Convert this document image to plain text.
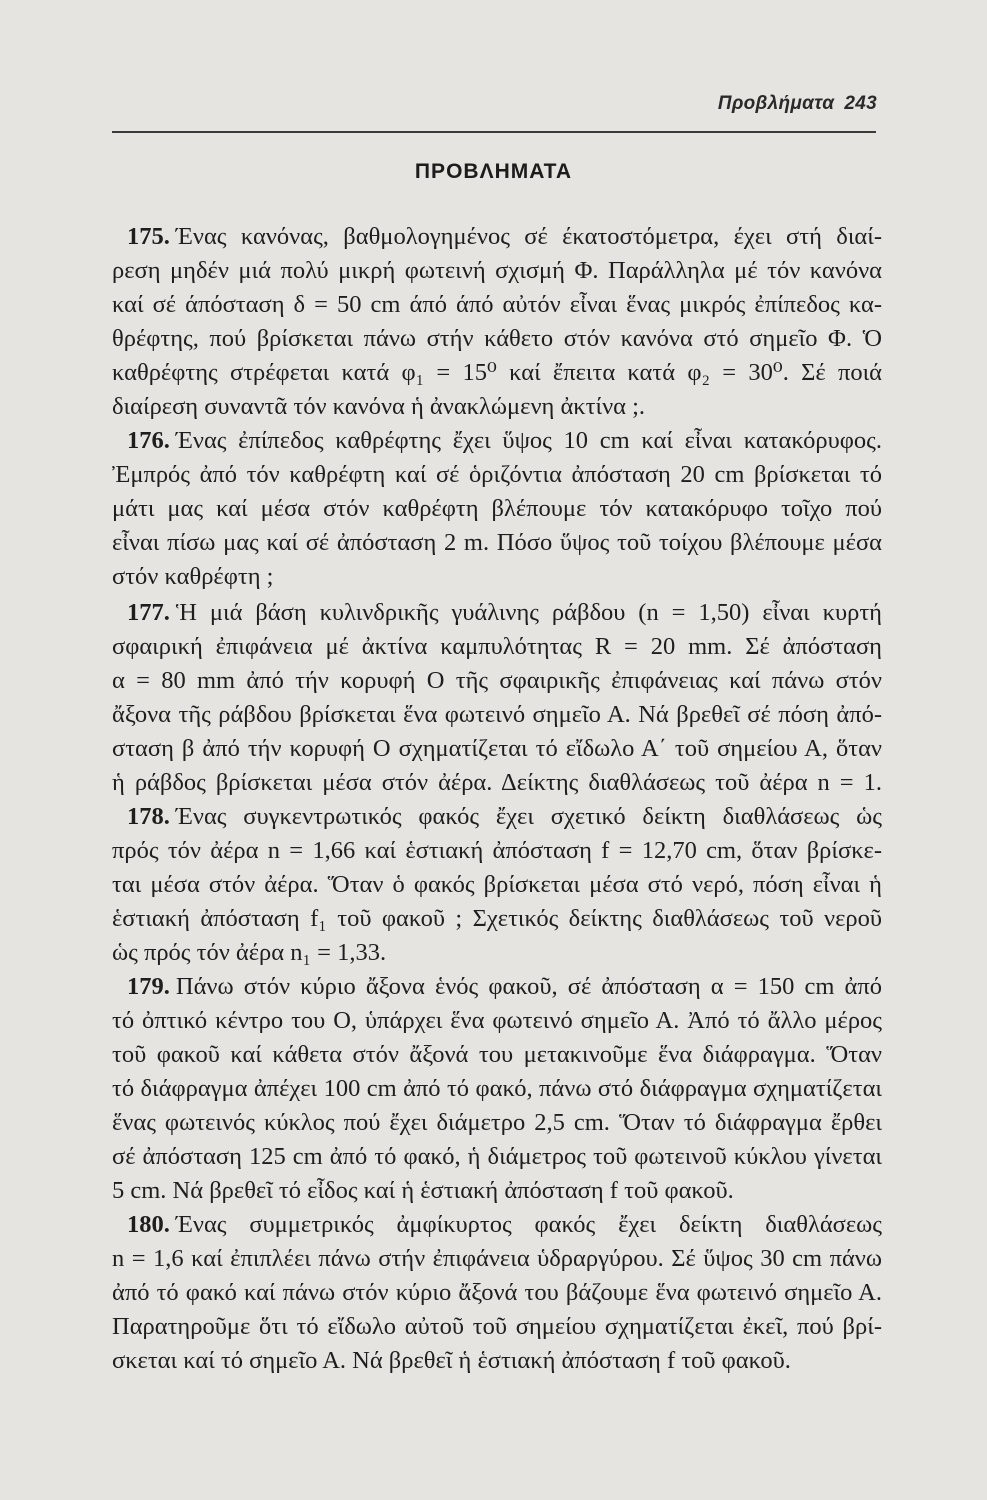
Προβλήματα 243
ΠΡΟΒΛΗΜΑΤΑ
175. Ένας κανόνας, βαθμολογημένος σέ έκατοστόμετρα, έχει στή διαί-
ρεση μηδέν μιά πολύ μικρή φωτεινή σχισμή Φ. Παράλληλα μέ τόν κανόνα
καί σέ άπόσταση δ = 50 cm άπό άπό αὐτόν εἶναι ἕνας μικρός ἐπίπεδος κα-
θρέφτης, πού βρίσκεται πάνω στήν κάθετο στόν κανόνα στό σημεῖο Φ. Ὁ
καθρέφτης στρέφεται κατά φ₁ = 15⁰ καί ἔπειτα κατά φ₂ = 30⁰. Σέ ποιά
διαίρεση συναντᾶ τόν κανόνα ἡ ἀνακλώμενη ἀκτίνα ;.
176. Ένας ἐπίπεδος καθρέφτης ἔχει ὕψος 10 cm καί εἶναι κατακόρυφος.
Ἐμπρός ἀπό τόν καθρέφτη καί σέ ὁριζόντια ἀπόσταση 20 cm βρίσκεται τό
μάτι μας καί μέσα στόν καθρέφτη βλέπουμε τόν κατακόρυφο τοῖχο πού
εἶναι πίσω μας καί σέ ἀπόσταση 2 m. Πόσο ὕψος τοῦ τοίχου βλέπουμε μέσα
στόν καθρέφτη ;
177. Ἡ μιά βάση κυλινδρικῆς γυάλινης ράβδου (n = 1,50) εἶναι κυρτή
σφαιρική ἐπιφάνεια μέ ἀκτίνα καμπυλότητας R = 20 mm. Σέ ἀπόσταση
α = 80 mm ἀπό τήν κορυφή Ο τῆς σφαιρικῆς ἐπιφάνειας καί πάνω στόν
ἄξονα τῆς ράβδου βρίσκεται ἕνα φωτεινό σημεῖο Α. Νά βρεθεῖ σέ πόση ἀπό-
σταση β ἀπό τήν κορυφή Ο σχηματίζεται τό εἴδωλο Α΄ τοῦ σημείου Α, ὅταν
ἡ ράβδος βρίσκεται μέσα στόν ἀέρα. Δείκτης διαθλάσεως τοῦ ἀέρα n = 1.
178. Ένας συγκεντρωτικός φακός ἔχει σχετικό δείκτη διαθλάσεως ὡς
πρός τόν ἀέρα n = 1,66 καί ἑστιακή ἀπόσταση f = 12,70 cm, ὅταν βρίσκε-
ται μέσα στόν ἀέρα. Ὅταν ὁ φακός βρίσκεται μέσα στό νερό, πόση εἶναι ἡ
ἑστιακή ἀπόσταση f₁ τοῦ φακοῦ ; Σχετικός δείκτης διαθλάσεως τοῦ νεροῦ
ὡς πρός τόν ἀέρα n₁ = 1,33.
179. Πάνω στόν κύριο ἄξονα ἑνός φακοῦ, σέ ἀπόσταση α = 150 cm ἀπό
τό ὀπτικό κέντρο του Ο, ὑπάρχει ἕνα φωτεινό σημεῖο Α. Ἀπό τό ἄλλο μέρος
τοῦ φακοῦ καί κάθετα στόν ἄξονά του μετακινοῦμε ἕνα διάφραγμα. Ὅταν
τό διάφραγμα ἀπέχει 100 cm ἀπό τό φακό, πάνω στό διάφραγμα σχηματίζεται
ἕνας φωτεινός κύκλος πού ἔχει διάμετρο 2,5 cm. Ὅταν τό διάφραγμα ἔρθει
σέ ἀπόσταση 125 cm ἀπό τό φακό, ἡ διάμετρος τοῦ φωτεινοῦ κύκλου γίνεται
5 cm. Νά βρεθεῖ τό εἶδος καί ἡ ἑστιακή ἀπόσταση f τοῦ φακοῦ.
180. Ένας συμμετρικός ἀμφίκυρτος φακός ἔχει δείκτη διαθλάσεως
n = 1,6 καί ἐπιπλέει πάνω στήν ἐπιφάνεια ὑδραργύρου. Σέ ὕψος 30 cm πάνω
ἀπό τό φακό καί πάνω στόν κύριο ἄξονά του βάζουμε ἕνα φωτεινό σημεῖο Α.
Παρατηροῦμε ὅτι τό εἴδωλο αὐτοῦ τοῦ σημείου σχηματίζεται ἐκεῖ, πού βρί-
σκεται καί τό σημεῖο Α. Νά βρεθεῖ ἡ ἑστιακή ἀπόσταση f τοῦ φακοῦ.
